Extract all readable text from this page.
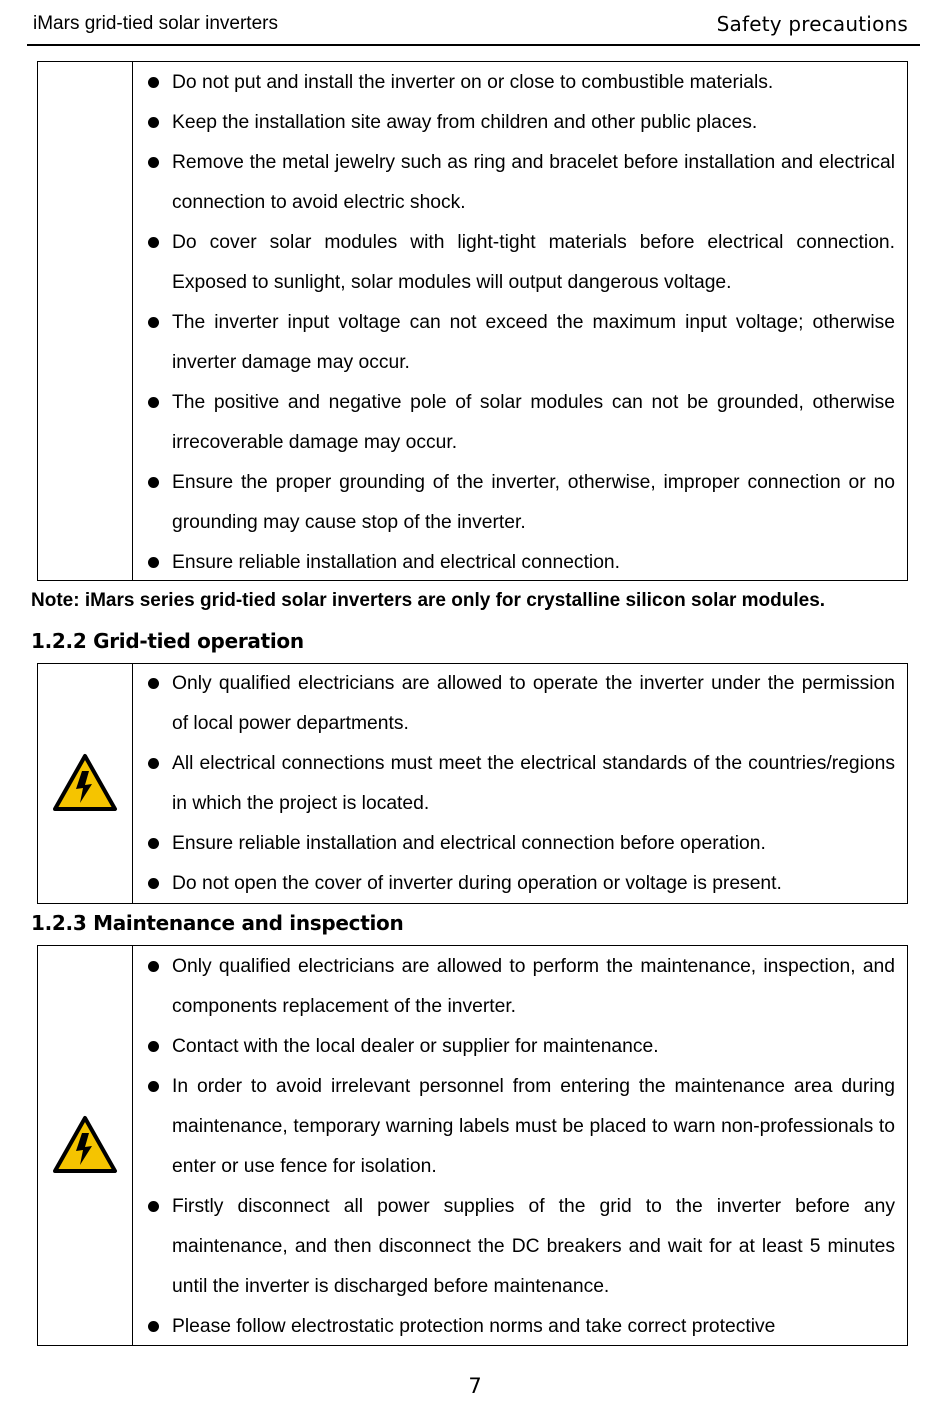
iMars grid-tied solar inverters	Safety precautions
Do not put and install the inverter on or close to combustible materials.
Keep the installation site away from children and other public places.
Remove the metal jewelry such as ring and bracelet before installation and electrical connection to avoid electric shock.
Do cover solar modules with light-tight materials before electrical connection. Exposed to sunlight, solar modules will output dangerous voltage.
The inverter input voltage can not exceed the maximum input voltage; otherwise inverter damage may occur.
The positive and negative pole of solar modules can not be grounded, otherwise irrecoverable damage may occur.
Ensure the proper grounding of the inverter, otherwise, improper connection or no grounding may cause stop of the inverter.
Ensure reliable installation and electrical connection.
Note: iMars series grid-tied solar inverters are only for crystalline silicon solar modules.
1.2.2 Grid-tied operation
Only qualified electricians are allowed to operate the inverter under the permission of local power departments.
All electrical connections must meet the electrical standards of the countries/regions in which the project is located.
Ensure reliable installation and electrical connection before operation.
Do not open the cover of inverter during operation or voltage is present.
1.2.3 Maintenance and inspection
Only qualified electricians are allowed to perform the maintenance, inspection, and components replacement of the inverter.
Contact with the local dealer or supplier for maintenance.
In order to avoid irrelevant personnel from entering the maintenance area during maintenance, temporary warning labels must be placed to warn non-professionals to enter or use fence for isolation.
Firstly disconnect all power supplies of the grid to the inverter before any maintenance, and then disconnect the DC breakers and wait for at least 5 minutes until the inverter is discharged before maintenance.
Please follow electrostatic protection norms and take correct protective
7
